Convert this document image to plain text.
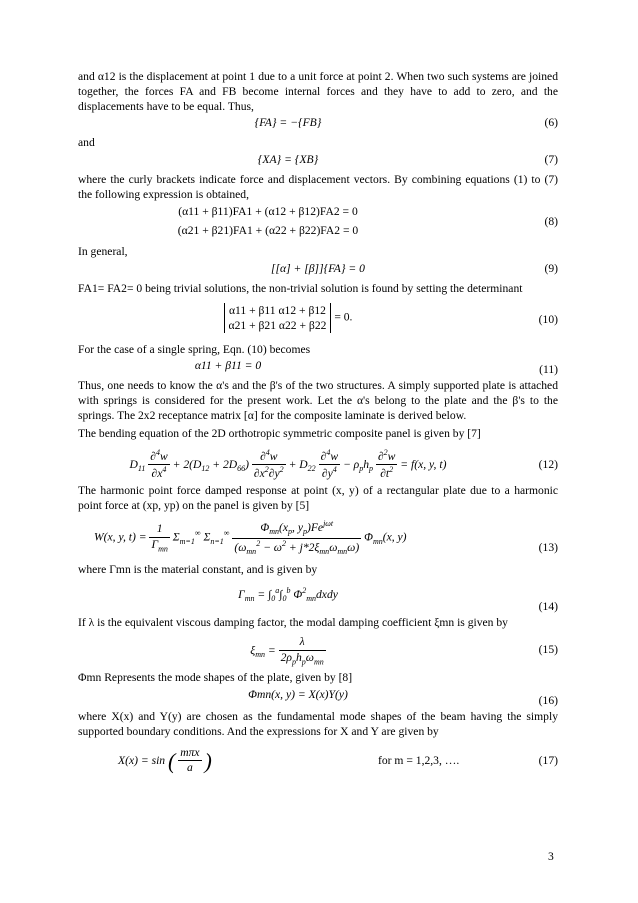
and α12 is the displacement at point 1 due to a unit force at point 2. When two such systems are joined together, the forces FA and FB become internal forces and they have to add to zero, and the displacements have to be equal. Thus,

{FA} = −{FB}	(6)

and

{XA} = {XB}	(7)

where the curly brackets indicate force and displacement vectors. By combining equations (1) to (7) the following expression is obtained,

(α11 + β11)FA1 + (α12 + β12)FA2 = 0
(α21 + β21)FA1 + (α22 + β22)FA2 = 0
(8)

In general,

[[α] + [β]]{FA} = 0	(9)

FA1= FA2= 0 being trivial solutions, the non-trivial solution is found by setting the determinant

α11 + β11 α12 + β12
α21 + β21 α22 + β22
= 0.	(10)

For the case of a single spring, Eqn. (10) becomes

α11 + β11 = 0	(11)

Thus, one needs to know the α's and the β's of the two structures. A simply supported plate is attached with springs is considered for the present work. Let the α's belong to the plate and the β's to the springs. The 2x2 receptance matrix [α] for the composite laminate is derived below.

The bending equation of the 2D orthotropic symmetric composite panel is given by [7]

$D_{11} \frac{\partial^4w}{\partial x^4} + 2(D_{12} + 2D_{66}) \frac{\partial^4w}{\partial x^2\partial y^2} + D_{22} \frac{\partial^4w}{\partial y^4} - \rho_ph_p \frac{\partial^2w}{\partial t^2} = f(x$, y, t)	(12)

The harmonic point force damped response at point (x, y) of a rectangular plate due to a harmonic point force at (xp, yp) on the panel is given by [5]

W(x, y, $t) = \frac{1}{\Gamma_{mn}} \Sigma_{m=1}^\infty$ $\Sigma_{n=1}^\infty \frac{\Phi_{mn}(x_p, y_p)Fe^{j\omega t}}{(\omega_{mn}^2 - \omega^2 + j*2\xi_{mn}\omega_{mn}\omega)} \Phi_{mn}(x$, y)
(13)

where Γmn is the material constant, and is given by

$\Gamma_{mn} = \int_0^a\int_0^b$ $\Phi^2_{mn}dxdy$
(14)

If λ is the equivalent viscous damping factor, the modal damping coefficient ξmn is given by

$\xi_{mn} = \frac{\lambda}{2\rho_ph_p\omega_{mn}}$	(15)

Φmn Represents the mode shapes of the plate, given by [8]

Φmn(x, y) = X(x)Y(y)	(16)

where X(x) and Y(y) are chosen as the fundamental mode shapes of the beam having the simply supported boundary conditions. And the expressions for X and Y are given by

X(x) = sin ( $\frac{\text{mπx}}{a}$ )	for m = 1,2,3, ….	(17)
3
